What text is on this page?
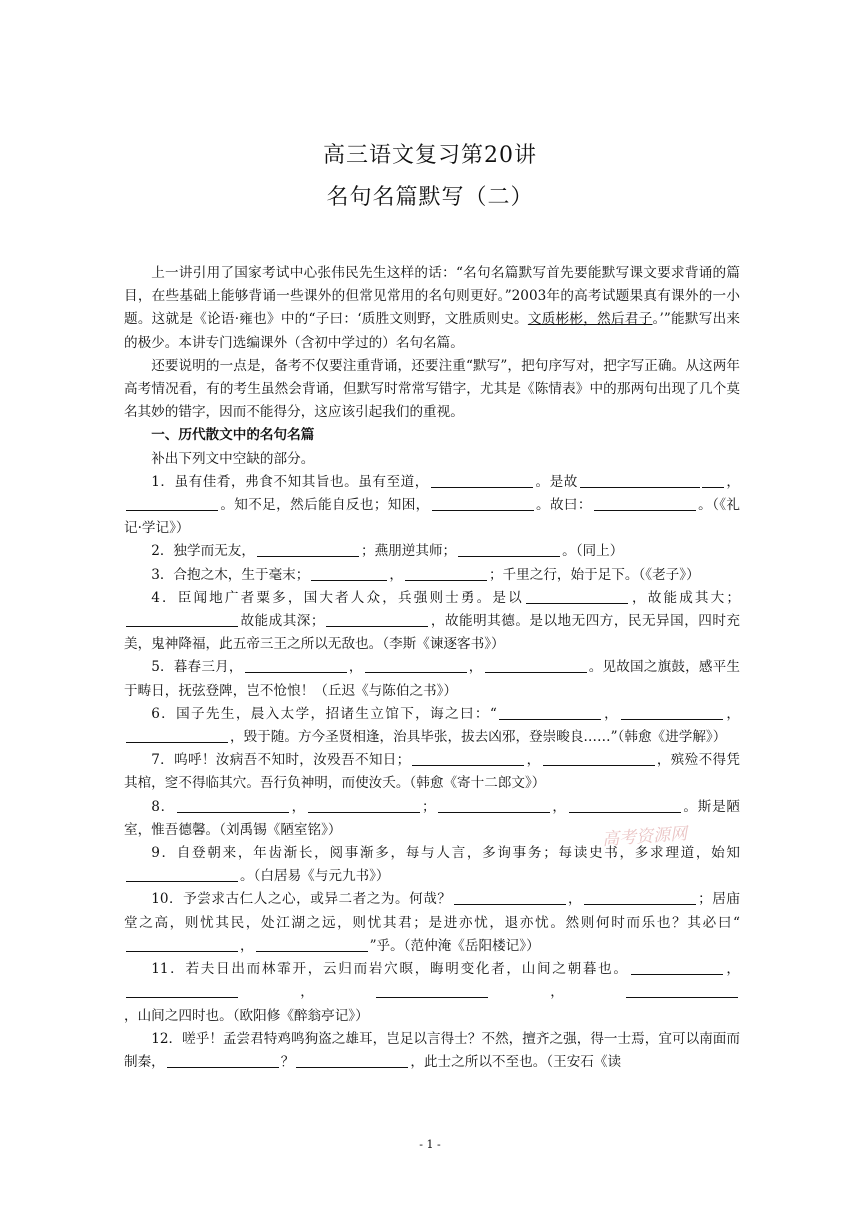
高三语文复习第20讲
名句名篇默写（二）

上一讲引用了国家考试中心张伟民先生这样的话：“名句名篇默写首先要能默写课文要求背诵的篇目，在些基础上能够背诵一些课外的但常见常用的名句则更好。”2003年的高考试题果真有课外的一小题。这就是《论语·雍也》中的“子曰：‘质胜文则野，文胜质则史。文质彬彬，然后君子。’”能默写出来的极少。本讲专门选编课外（含初中学过的）名句名篇。

还要说明的一点是，备考不仅要注重背诵，还要注重“默写”，把句序写对，把字写正确。从这两年高考情况看，有的考生虽然会背诵，但默写时常常写错字，尤其是《陈情表》中的那两句出现了几个莫名其妙的错字，因而不能得分，这应该引起我们的重视。

一、历代散文中的名句名篇

补出下列文中空缺的部分。

1．虽有佳肴，弗食不知其旨也。虽有至道，	。是故	，。知不足，然后能自反也；知困，	。故曰：	。（《礼记·学记》）

2．独学而无友，	；燕朋逆其师；	。（同上）

3．合抱之木，生于毫末；	，	；千里之行，始于足下。（《老子》）

4．臣闻地广者粟多，国大者人众，兵强则士勇。是以	，故能成其大；故能成其深；	，故能明其德。是以地无四方，民无异国，四时充美，鬼神降福，此五帝三王之所以无敌也。（李斯《谏逐客书》）

5．暮春三月，	，	，	。见故国之旗鼓，感平生于畴日，抚弦登陴，岂不怆悢！（丘迟《与陈伯之书》）

6．国子先生，晨入太学，招诸生立馆下，诲之曰：“	，	，，毁于随。方今圣贤相逢，治具毕张，拔去凶邪，登崇畯良……”（韩愈《进学解》）

7．呜呼！汝病吾不知时，汝殁吾不知日；	，	，殡殓不得凭其棺，窆不得临其穴。吾行负神明，而使汝夭。（韩愈《寄十二郎文》）

8．	，	；	，	。斯是陋室，惟吾德馨。（刘禹锡《陋室铭》）

9．自登朝来，年齿渐长，阅事渐多，每与人言，多询事务；每读史书，多求理道，始知。（白居易《与元九书》）

10．予尝求古仁人之心，或异二者之为。何哉？	，	；居庙堂之高，则忧其民，处江湖之远，则忧其君；是进亦忧，退亦忧。然则何时而乐也？其必曰“，	”乎。（范仲淹《岳阳楼记》）

11．若夫日出而林霏开，云归而岩穴暝，晦明变化者，山间之朝暮也。	，，	，，山间之四时也。（欧阳修《醉翁亭记》）

12．嗟乎！孟尝君特鸡鸣狗盗之雄耳，岂足以言得士？不然，擅齐之强，得一士焉，宜可以南面而制秦，	？	，此士之所以不至也。（王安石《读

高考资源网
- 1 -
